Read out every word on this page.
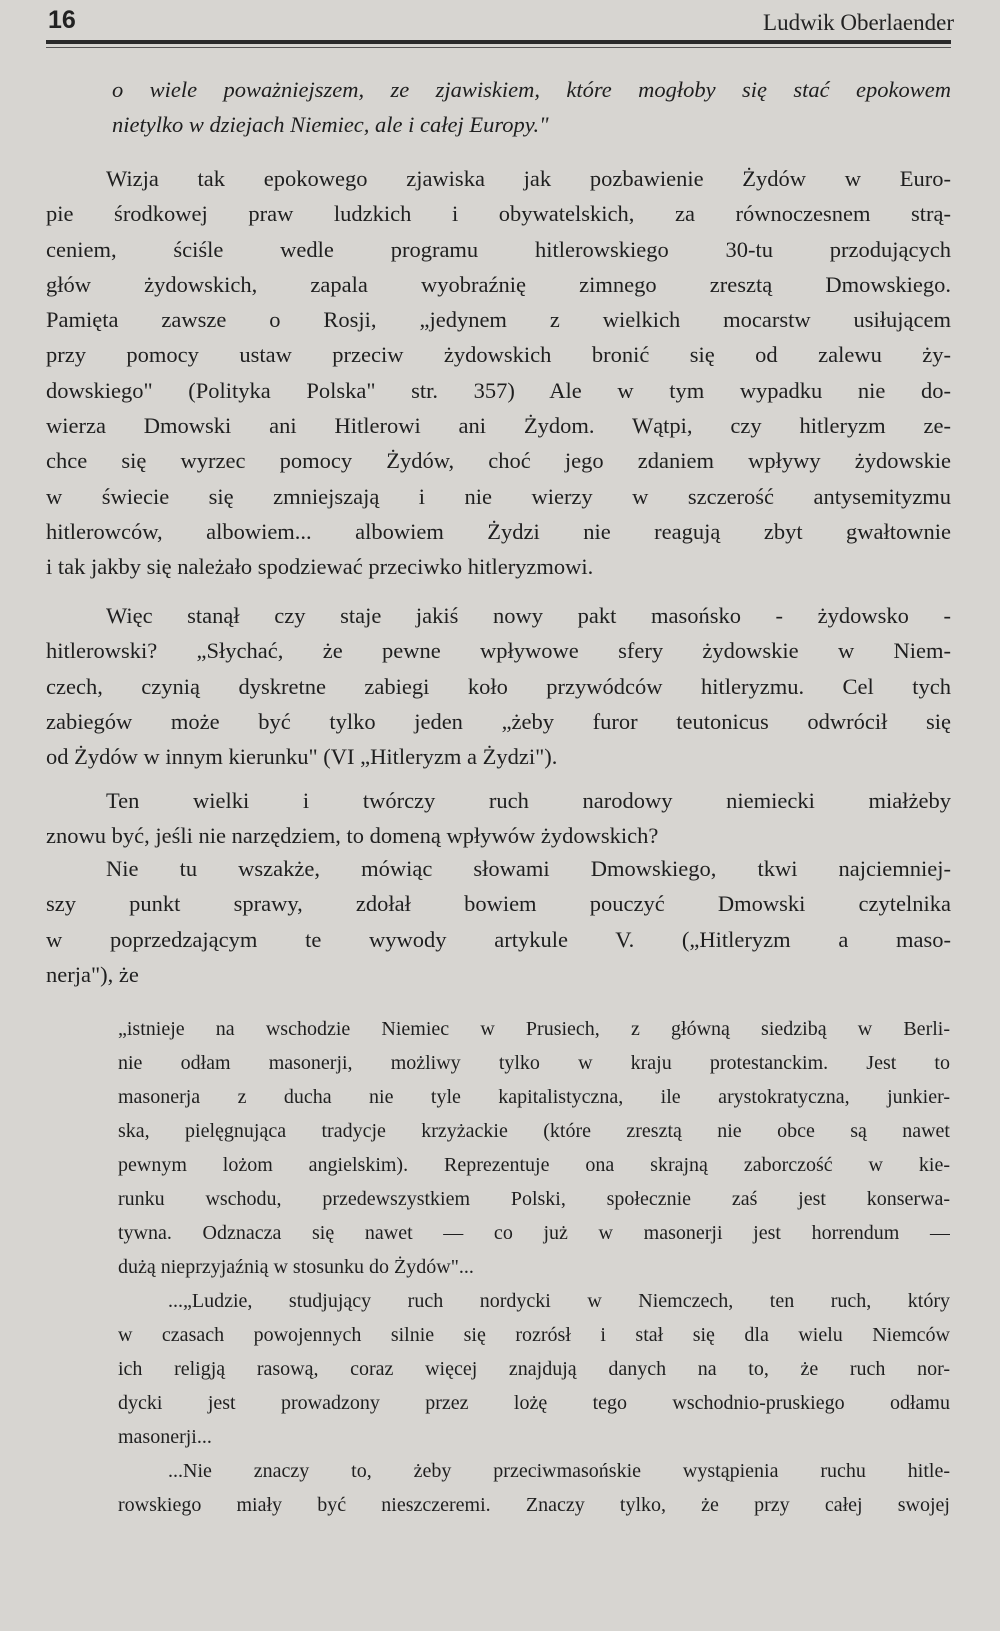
16	Ludwik Oberlaender
o wiele poważniejszem, ze zjawiskiem, które mogłoby się stać epokowem
nietylko w dziejach Niemiec, ale i całej Europy."
Wizja tak epokowego zjawiska jak pozbawienie Żydów w Euro-
pie środkowej praw ludzkich i obywatelskich, za równoczesnem strą-
ceniem, ściśle wedle programu hitlerowskiego 30-tu przodujących
głów żydowskich, zapala wyobraźnię zimnego zresztą Dmowskiego.
Pamięta zawsze o Rosji, „jedynem z wielkich mocarstw usiłującem
przy pomocy ustaw przeciw żydowskich bronić się od zalewu ży-
dowskiego" (Polityka Polska" str. 357) Ale w tym wypadku nie do-
wierza Dmowski ani Hitlerowi ani Żydom. Wątpi, czy hitleryzm ze-
chce się wyrzec pomocy Żydów, choć jego zdaniem wpływy żydowskie
w świecie się zmniejszają i nie wierzy w szczerość antysemityzmu
hitlerowców, albowiem... albowiem Żydzi nie reagują zbyt gwałtownie
i tak jakby się należało spodziewać przeciwko hitleryzmowi.
Więc stanął czy staje jakiś nowy pakt masońsko - żydowsko -
hitlerowski? „Słychać, że pewne wpływowe sfery żydowskie w Niem-
czech, czynią dyskretne zabiegi koło przywódców hitleryzmu. Cel tych
zabiegów może być tylko jeden „żeby furor teutonicus odwrócił się
od Żydów w innym kierunku" (VI „Hitleryzm a Żydzi").
Ten wielki i twórczy ruch narodowy niemiecki miałżeby
znowu być, jeśli nie narzędziem, to domeną wpływów żydowskich?
Nie tu wszakże, mówiąc słowami Dmowskiego, tkwi najciemniej-
szy punkt sprawy, zdołał bowiem pouczyć Dmowski czytelnika
w poprzedzającym te wywody artykule V. („Hitleryzm a maso-
nerja"), że
„istnieje na wschodzie Niemiec w Prusiech, z główną siedzibą w Berli-
nie odłam masonerji, możliwy tylko w kraju protestanckim. Jest to
masonerja z ducha nie tyle kapitalistyczna, ile arystokratyczna, junkier-
ska, pielęgnująca tradycje krzyżackie (które zresztą nie obce są nawet
pewnym lożom angielskim). Reprezentuje ona skrajną zaborczość w kie-
runku wschodu, przedewszystkiem Polski, społecznie zaś jest konserwa-
tywna. Odznacza się nawet — co już w masonerji jest horrendum —
dużą nieprzyjaźnią w stosunku do Żydów"...
...„Ludzie, studjujący ruch nordycki w Niemczech, ten ruch, który
w czasach powojennych silnie się rozrósł i stał się dla wielu Niemców
ich religją rasową, coraz więcej znajdują danych na to, że ruch nor-
dycki jest prowadzony przez lożę tego wschodnio-pruskiego odłamu
masonerji...
...Nie znaczy to, żeby przeciwmasońskie wystąpienia ruchu hitle-
rowskiego miały być nieszczeremi. Znaczy tylko, że przy całej swojej
